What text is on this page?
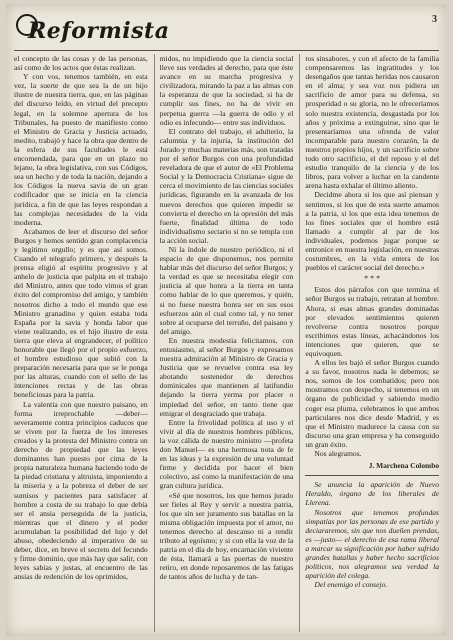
Reformista	3

el concepto de las cosas y de las personas, así como de los actos que éstas realizan.

Y con vos, tenemos también, en esta vez, la suerte de que sea la de un hijo ilustre de nuestra tierra, que, en las páginas del discurso leído, en virtud del precepto legal, en la solemne apertura de los Tribunales, ha puesto de manifiesto como el Ministro de Gracia y Justicia actuado, medito, trabajó y hace la obra que dentro de la esfera de sus facultades le está encomendada, para que en un plazo no lejano, la obra legislativa, con sus Códigos, sea un hecho y de toda la nación, dejando a los Códigos la nueva savia de un gran codificador que se inicia en la ciencia jurídica, a fin de que las leyes respondan a las complejas necesidades de la vida moderna.

Acabamos de leer el discurso del señor Burgos y hemos sentido gran complacencia y legítimo orgullo; y es que así somos. Cuando el telegrafo primero, y después la prensa eligió al espíritu progresivo y al anhelo de justicia que palpita en el trabajo del Ministro, antes que todo vimos el gran éxito del compromiso del amigo, y también nosotros dicho a todo el mundo que ese Ministro granadino y quien estaba toda España por la savia y honda labor que viene realizando, es el hijo ilustre de esta tierra que eleva al engrandecer, el político honorable que llegó por el propio esfuerzo, el hombre estudioso que subió con la preparación necesaria para que se le ponga por las alturas, cuando con el sello de las intenciones rectas y de las obras beneficiosas para la patria.

La valentía con que nuestro paisano, en forma irreprochable —deber— severamente contra principios caducos que se viven por la fuerza de los intereses creados y la protesta del Ministro contra un derecho de propiedad que las leyes dominantes han puesto por cima de la propia naturaleza humana haciendo todo de la piedad cristiana y altruista, imponiendo a la miseria y a la pobreza el deber de ser sumisos y pacientes para satisfacer al hombre a costa de su trabajo lo que debía ser el ansia perseguida de la justicia, mientras que el dinero y el poder acumulaban la posibilidad del lujo y del abuso, obedeciendo al imperativo de su deber, dice, en breve el secreto del fecundo y firme dominio, que más hay que salir, con leyes sabias y justas, al encuentro de las ansias de redención de los oprimidos,

midos, no impidiendo que la ciencia social lleve sus verdades al derecho, para que éste avance en su marcha progresiva y civilizadora, mirando la paz a las almas con la esperanza de que la sociedad, si ha de cumplir sus fines, no ha de vivir en perpetua guerra —la guerra de odio y el odio es infecundo— entre sus individuos.

El contrato del trabajo, el adulterio, la calumnia y la injuria, la institución del Jurado y muchas materias más, son tratadas por el señor Burgos con una profundidad reveladora de que el autor de «El Problema Social y la Democracia Cristiana» sigue de cerca el movimiento de las ciencias sociales jurídicas, figurando en la avanzada de los nuevos derechos que quieren impedir se convierta el derecho en la opresión del más fuerte, finalidad última de todo individualismo sectario si no se templa con la acción social.

Ni la índole de nuestro periódico, ni el espacio de que disponemos, nos permite hablar más del discurso del señor Burgos; y la verdad es que se necesitaba elegir con justicia al que honra a la tierra en tanta como hablar de lo que queremos, y quién, si no fuese nuestra honra ser en sus esos esfuerzos aún el cual como tal, y no tener sobre al ocuparse del terruño, del paisano y del amigo.

En nuestra modestia felicitamos, con entusiasmo, al señor Burgos y expresamos nuestra admiración al Ministro de Gracia y Justicia que se revuelve contra esa ley abotando sostenedor de derechos dominicales que mantienen al latifundio dejando la tierra yerma por placer o impiedad del señor, en tanto tiene que emigrar el desgraciado que trabaja.

Entre la frivolidad política al uso y el vivir al día de nuestros hombres públicos, la voz cálida de nuestro ministro —profeta don Manuel— es una hermosa nota de fe en las ideas y la expresión de una voluntad firme y decidida por hacer el bien colectivo, así como la manifestación de una gran cultura jurídica.

«Sé que nosotros, los que hemos jurado ser fieles al Rey y servir a nuestra patria, los que sin ser juramento sus batallas en la misma obligación impuesta por el amor, no tenemos derecho al descanso ni a rendir tributo al egoísmo; y si con ella la voz de la patria en el día de hoy, encarnación viviente de ésta, llamará a las puertas de nuestro retiro, en donde reposaremos de las fatigas de tantos años de lucha y de tan-

tos sinsabores, y con el afecto de la familia compensaremos las ingratitudes y los desengaños que tantas heridas nos causaron en el alma; y sea voz nos pidiera un sacrificio de amor para su defensa, su prosperidad o su gloria, no le ofreceríamos solo nuestra existencia, desgastada por los años y próxima a extinguirse, sino que le presentaríamos una ofrenda de valor incomparable para nuestro corazón, la de nuestros propios hijos, y un sacrificio sobre todo otro sacrificio, el del reposo y el del estudio tranquilo de la ciencia y de los libros, para volver a luchar en la candente arena hasta exhalar el último aliento.

Decidme ahora si los que así piensan y sentimos, si los que de esta suerte amamos a la patria, si los que esta idea tenemos de los fines sociales que el hombre está llamado a cumplir al par de los individuales, podemos jugar porque se entronice en nuestra legislación, en nuestras costumbres, en la vida entera de los pueblos el carácter social del derecho.»

* * *

Estos dos párrafos con que termina el señor Burgos su trabajo, retratan al hombre. Ahora, si esas almas grandes dominadas por elevados sentimientos quieren revolverse contra nosotros porque escribimos estas líneas, achacándonos los intenciones que quieren, que se equivoquen.

A ellos les bajó el señor Burgos cuando a su favor, nosotros nada le debemos; se nos, somos de los combatidos; pero nos mostramos con despecho, si tenemos en un órgano de publicidad y sabiendo medio coger esa pluma, celebramos lo que ambos particulares nos dice desde Madrid, y es que el Ministro madurece la causa con su discurso una gran empresa y ha conseguido un gran éxito.

Nos alegramos.

J. Marchena Colombo

Se anuncia la aparición de Nuevo Heraldo, órgano de los liberales de Llerena.

Nosotros que tenemos profundas simpatías por las personas de ese partido y deciararemos, sin que nos dueñen prendas, es —justo— el derecho de esa rama liberal a marcar su significación por haber sufrido grandes batallas y haber hecho sacrificios políticos, nos alegramos sea verdad la aparición del colega.

Del enemigo el consejo.
